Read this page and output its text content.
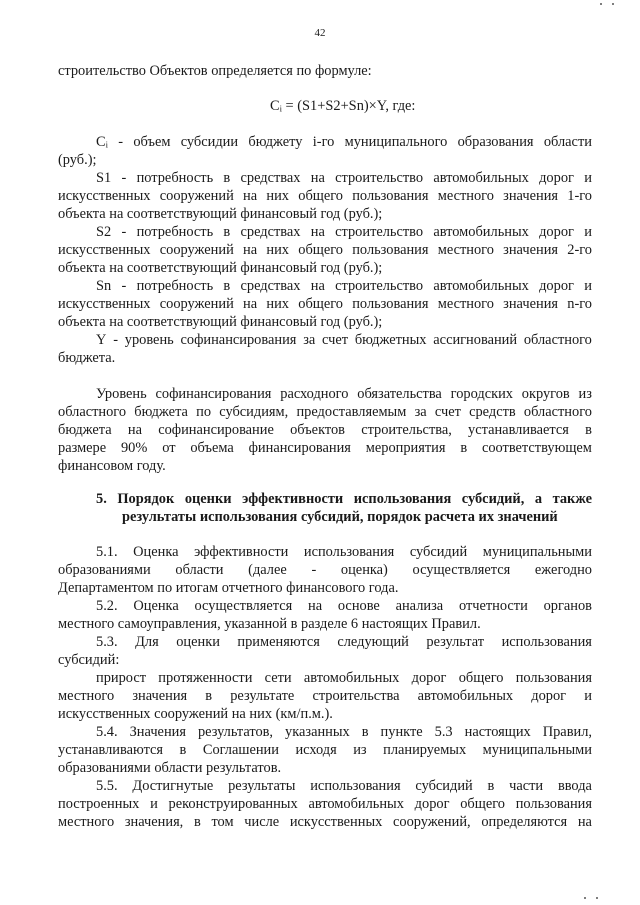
42
строительство Объектов определяется по формуле:
Cᵢ = (S1+S2+Sn)×Y, где:
Cᵢ - объем субсидии бюджету i-го муниципального образования области
(руб.);
S1 - потребность в средствах на строительство автомобильных дорог и
искусственных сооружений на них общего пользования местного значения 1-го
объекта на соответствующий финансовый год (руб.);
S2 - потребность в средствах на строительство автомобильных дорог и
искусственных сооружений на них общего пользования местного значения 2-го
объекта на соответствующий финансовый год (руб.);
Sn - потребность в средствах на строительство автомобильных дорог и
искусственных сооружений на них общего пользования местного значения n-го
объекта на соответствующий финансовый год (руб.);
Y - уровень софинансирования за счет бюджетных ассигнований областного
бюджета.
Уровень софинансирования расходного обязательства городских округов из
областного бюджета по субсидиям, предоставляемым за счет средств областного
бюджета на софинансирование объектов строительства, устанавливается в
размере 90% от объема финансирования мероприятия в соответствующем
финансовом году.
5. Порядок оценки эффективности использования субсидий, а также
результаты использования субсидий, порядок расчета их значений
5.1. Оценка эффективности использования субсидий муниципальными
образованиями области (далее - оценка) осуществляется ежегодно
Департаментом по итогам отчетного финансового года.
5.2. Оценка осуществляется на основе анализа отчетности органов
местного самоуправления, указанной в разделе 6 настоящих Правил.
5.3. Для оценки применяются следующий результат использования
субсидий:
прирост протяженности сети автомобильных дорог общего пользования
местного значения в результате строительства автомобильных дорог и
искусственных сооружений на них (км/п.м.).
5.4. Значения результатов, указанных в пункте 5.3 настоящих Правил,
устанавливаются в Соглашении исходя из планируемых муниципальными
образованиями области результатов.
5.5. Достигнутые результаты использования субсидий в части ввода
построенных и реконструированных автомобильных дорог общего пользования
местного значения, в том числе искусственных сооружений, определяются на
